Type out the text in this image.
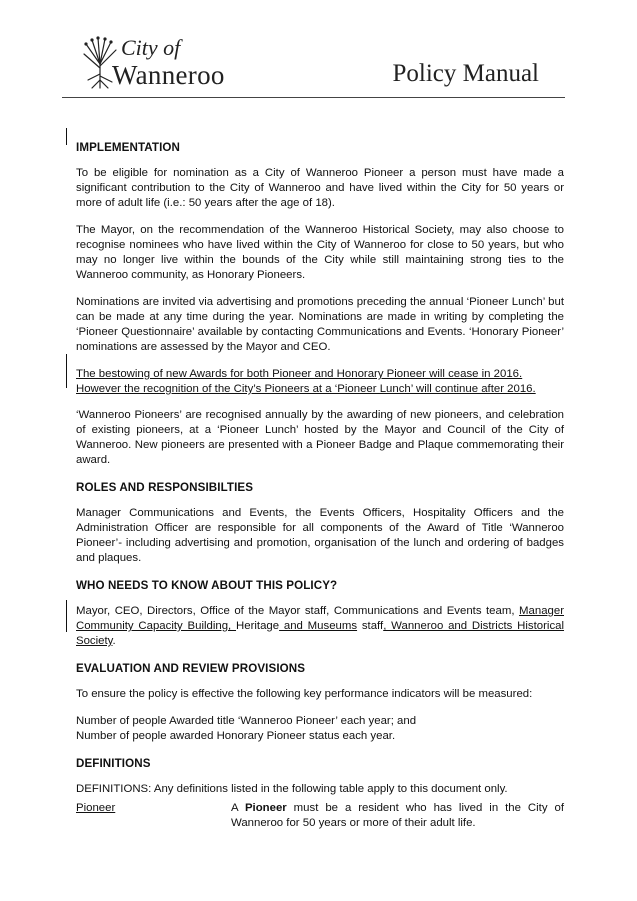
City of
Wanneroo	Policy Manual
IMPLEMENTATION

To be eligible for nomination as a City of Wanneroo Pioneer a person must have made a significant contribution to the City of Wanneroo and have lived within the City for 50 years or more of adult life (i.e.: 50 years after the age of 18).

The Mayor, on the recommendation of the Wanneroo Historical Society, may also choose to recognise nominees who have lived within the City of Wanneroo for close to 50 years, but who may no longer live within the bounds of the City while still maintaining strong ties to the Wanneroo community, as Honorary Pioneers.

Nominations are invited via advertising and promotions preceding the annual ‘Pioneer Lunch’ but can be made at any time during the year. Nominations are made in writing by completing the ‘Pioneer Questionnaire’ available by contacting Communications and Events. ‘Honorary Pioneer’ nominations are assessed by the Mayor and CEO.

The bestowing of new Awards for both Pioneer and Honorary Pioneer will cease in 2016.
However the recognition of the City’s Pioneers at a ‘Pioneer Lunch’ will continue after 2016.

‘Wanneroo Pioneers’ are recognised annually by the awarding of new pioneers, and celebration of existing pioneers, at a ‘Pioneer Lunch’ hosted by the Mayor and Council of the City of Wanneroo. New pioneers are presented with a Pioneer Badge and Plaque commemorating their award.

ROLES AND RESPONSIBILTIES

Manager Communications and Events, the Events Officers, Hospitality Officers and the Administration Officer are responsible for all components of the Award of Title ‘Wanneroo Pioneer’- including advertising and promotion, organisation of the lunch and ordering of badges and plaques.

WHO NEEDS TO KNOW ABOUT THIS POLICY?

Mayor, CEO, Directors, Office of the Mayor staff, Communications and Events team, Manager Community Capacity Building, Heritage and Museums staff, Wanneroo and Districts Historical Society.

EVALUATION AND REVIEW PROVISIONS

To ensure the policy is effective the following key performance indicators will be measured:

Number of people Awarded title ‘Wanneroo Pioneer’ each year; and
Number of people awarded Honorary Pioneer status each year.

DEFINITIONS

DEFINITIONS: Any definitions listed in the following table apply to this document only.

Pioneer	A Pioneer must be a resident who has lived in the City of Wanneroo for 50 years or more of their adult life.
